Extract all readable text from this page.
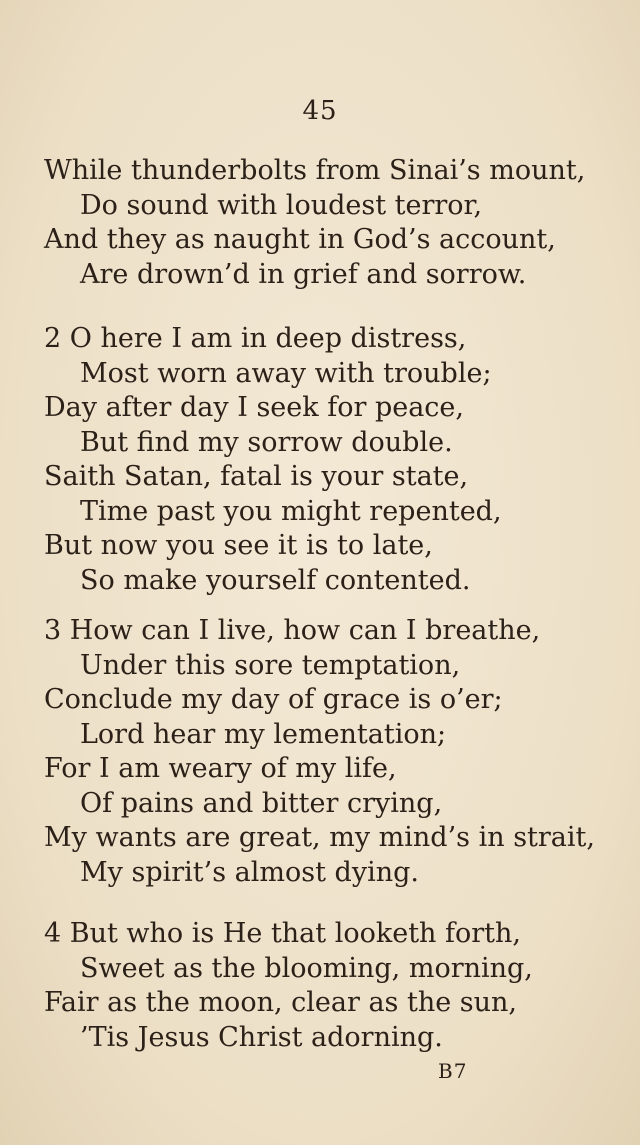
45
While thunderbolts from Sinai’s mount,
Do sound with loudest terror,
And they as naught in God’s account,
Are drown’d in grief and sorrow.
2 O here I am in deep distress,
Most worn away with trouble;
Day after day I seek for peace,
But find my sorrow double.
Saith Satan, fatal is your state,
Time past you might repented,
But now you see it is to late,
So make yourself contented.
3 How can I live, how can I breathe,
Under this sore temptation,
Conclude my day of grace is o’er;
Lord hear my lementation;
For I am weary of my life,
Of pains and bitter crying,
My wants are great, my mind’s in strait,
My spirit’s almost dying.
4 But who is He that looketh forth,
Sweet as the blooming, morning,
Fair as the moon, clear as the sun,
’Tis Jesus Christ adorning.
B7
